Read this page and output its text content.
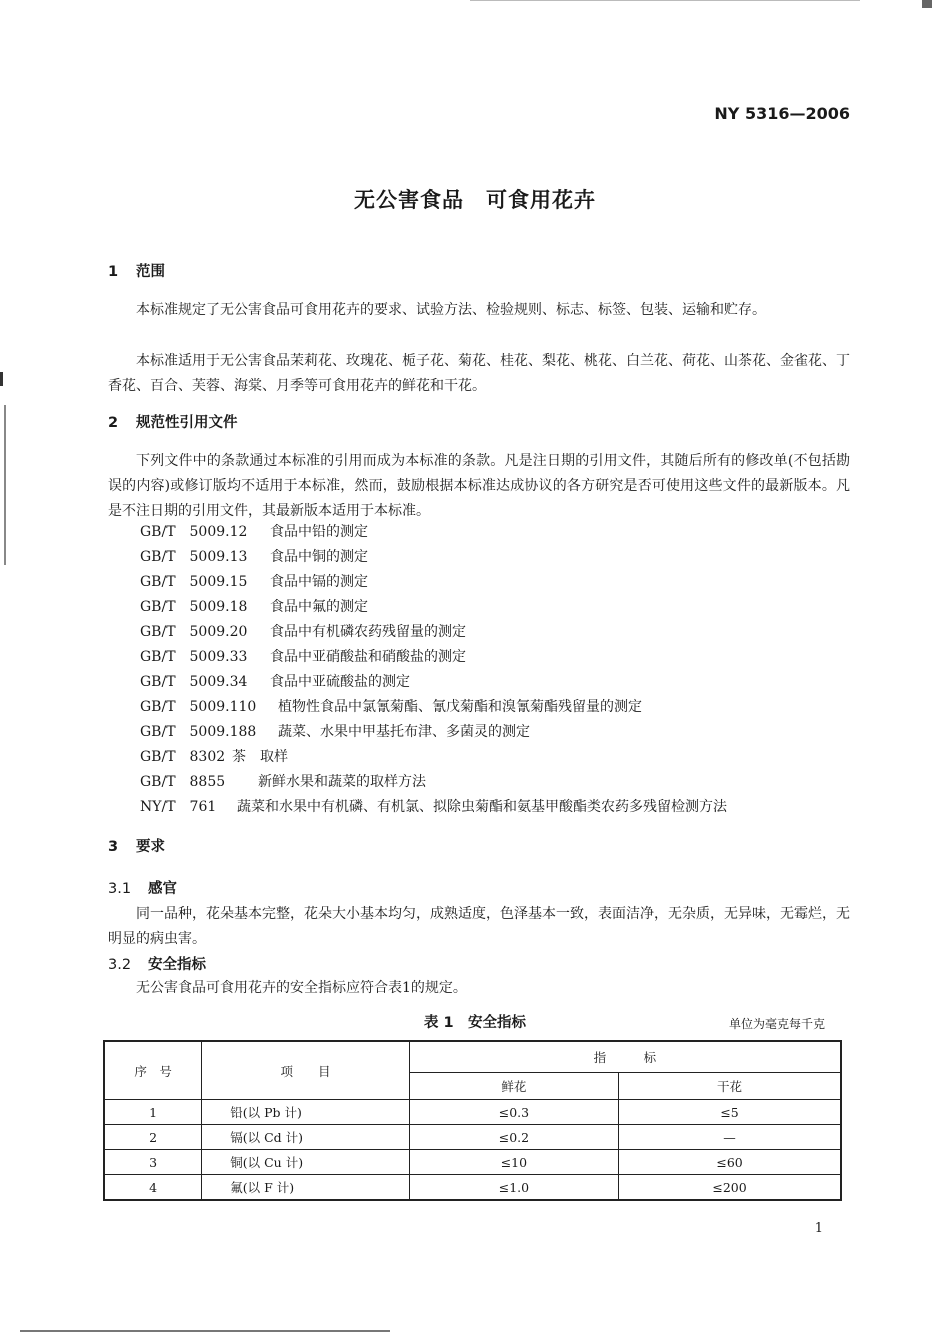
NY 5316—2006
无公害食品　可食用花卉
1 范围
本标准规定了无公害食品可食用花卉的要求、试验方法、检验规则、标志、标签、包装、运输和贮存。
本标准适用于无公害食品茉莉花、玫瑰花、栀子花、菊花、桂花、梨花、桃花、白兰花、荷花、山茶花、金雀花、丁香花、百合、芙蓉、海棠、月季等可食用花卉的鲜花和干花。
2 规范性引用文件
下列文件中的条款通过本标准的引用而成为本标准的条款。凡是注日期的引用文件，其随后所有的修改单(不包括勘误的内容)或修订版均不适用于本标准，然而，鼓励根据本标准达成协议的各方研究是否可使用这些文件的最新版本。凡是不注日期的引用文件，其最新版本适用于本标准。
GB/T　5009.12 食品中铅的测定
GB/T　5009.13 食品中铜的测定
GB/T　5009.15 食品中镉的测定
GB/T　5009.18 食品中氟的测定
GB/T　5009.20 食品中有机磷农药残留量的测定
GB/T　5009.33 食品中亚硝酸盐和硝酸盐的测定
GB/T　5009.34 食品中亚硫酸盐的测定
GB/T　5009.110 植物性食品中氯氰菊酯、氰戊菊酯和溴氰菊酯残留量的测定
GB/T　5009.188 蔬菜、水果中甲基托布津、多菌灵的测定
GB/T　8302 茶　取样
GB/T　8855 新鲜水果和蔬菜的取样方法
NY/T　761 蔬菜和水果中有机磷、有机氯、拟除虫菊酯和氨基甲酸酯类农药多残留检测方法
3 要求
3.1 感官
同一品种，花朵基本完整，花朵大小基本均匀，成熟适度，色泽基本一致，表面洁净，无杂质，无异味，无霉烂，无明显的病虫害。
3.2 安全指标
无公害食品可食用花卉的安全指标应符合表1的规定。
表 1　安全指标	单位为毫克每千克
序　号	项　　目	指　　　标	
		鲜花	干花
1	铅(以 Pb 计)	≤0.3	≤5
2	镉(以 Cd 计)	≤0.2	—
3	铜(以 Cu 计)	≤10	≤60
4	氟(以 F 计)	≤1.0	≤200
1
